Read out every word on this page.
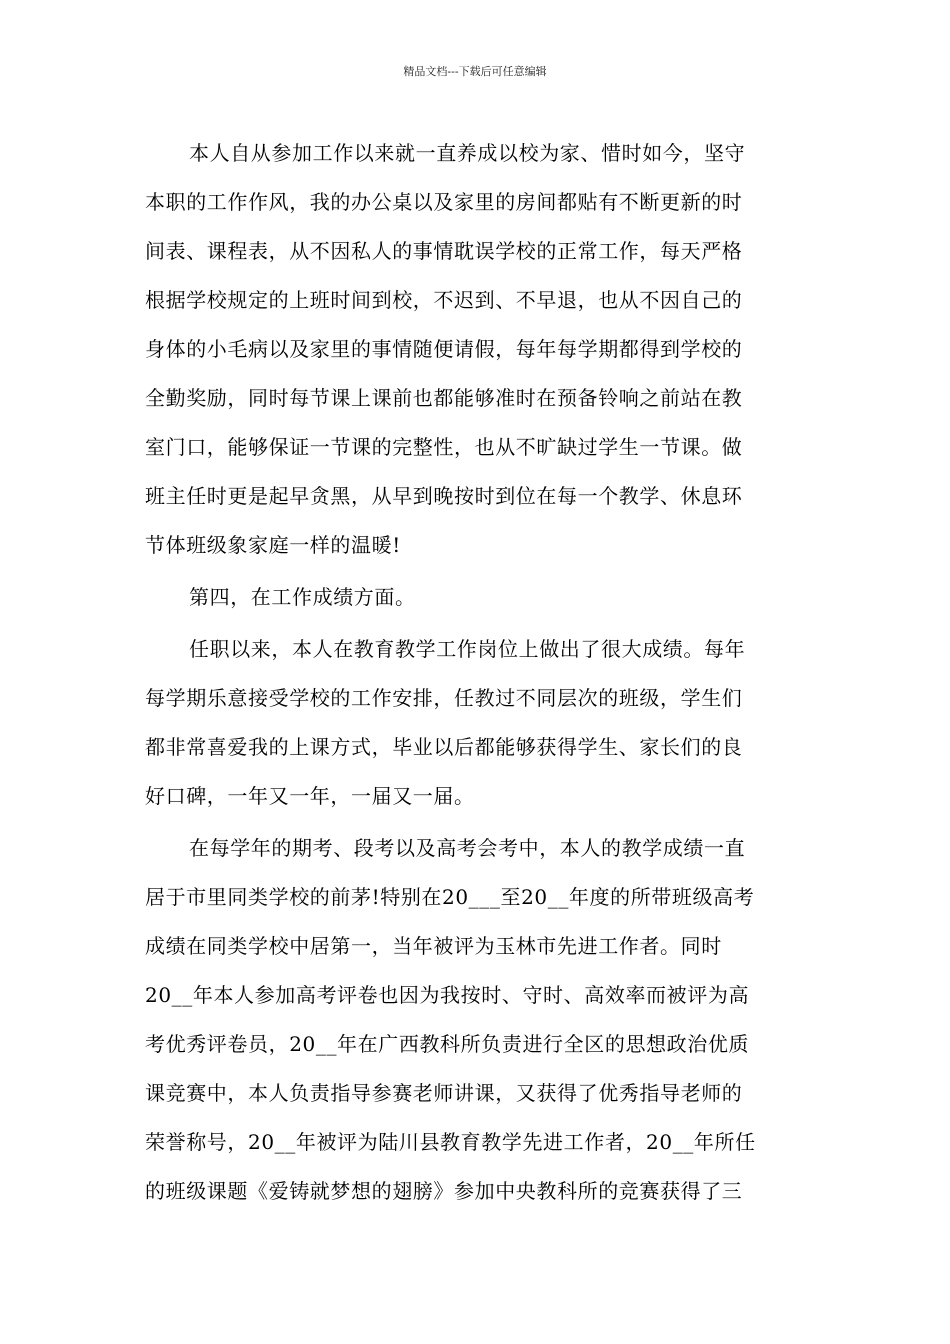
精品文档---下载后可任意编辑
本人自从参加工作以来就一直养成以校为家、惜时如今，坚守
本职的工作作风，我的办公桌以及家里的房间都贴有不断更新的时
间表、课程表，从不因私人的事情耽误学校的正常工作，每天严格
根据学校规定的上班时间到校，不迟到、不早退，也从不因自己的
身体的小毛病以及家里的事情随便请假，每年每学期都得到学校的
全勤奖励，同时每节课上课前也都能够准时在预备铃响之前站在教
室门口，能够保证一节课的完整性，也从不旷缺过学生一节课。做
班主任时更是起早贪黑，从早到晚按时到位在每一个教学、休息环
节体班级象家庭一样的温暖!
第四，在工作成绩方面。
任职以来，本人在教育教学工作岗位上做出了很大成绩。每年
每学期乐意接受学校的工作安排，任教过不同层次的班级，学生们
都非常喜爱我的上课方式，毕业以后都能够获得学生、家长们的良
好口碑，一年又一年，一届又一届。
在每学年的期考、段考以及高考会考中，本人的教学成绩一直
居于市里同类学校的前茅!特别在20___至20__年度的所带班级高考
成绩在同类学校中居第一，当年被评为玉林市先进工作者。同时
20__年本人参加高考评卷也因为我按时、守时、高效率而被评为高
考优秀评卷员，20__年在广西教科所负责进行全区的思想政治优质
课竞赛中，本人负责指导参赛老师讲课，又获得了优秀指导老师的
荣誉称号，20__年被评为陆川县教育教学先进工作者，20__年所任
的班级课题《爱铸就梦想的翅膀》参加中央教科所的竞赛获得了三
